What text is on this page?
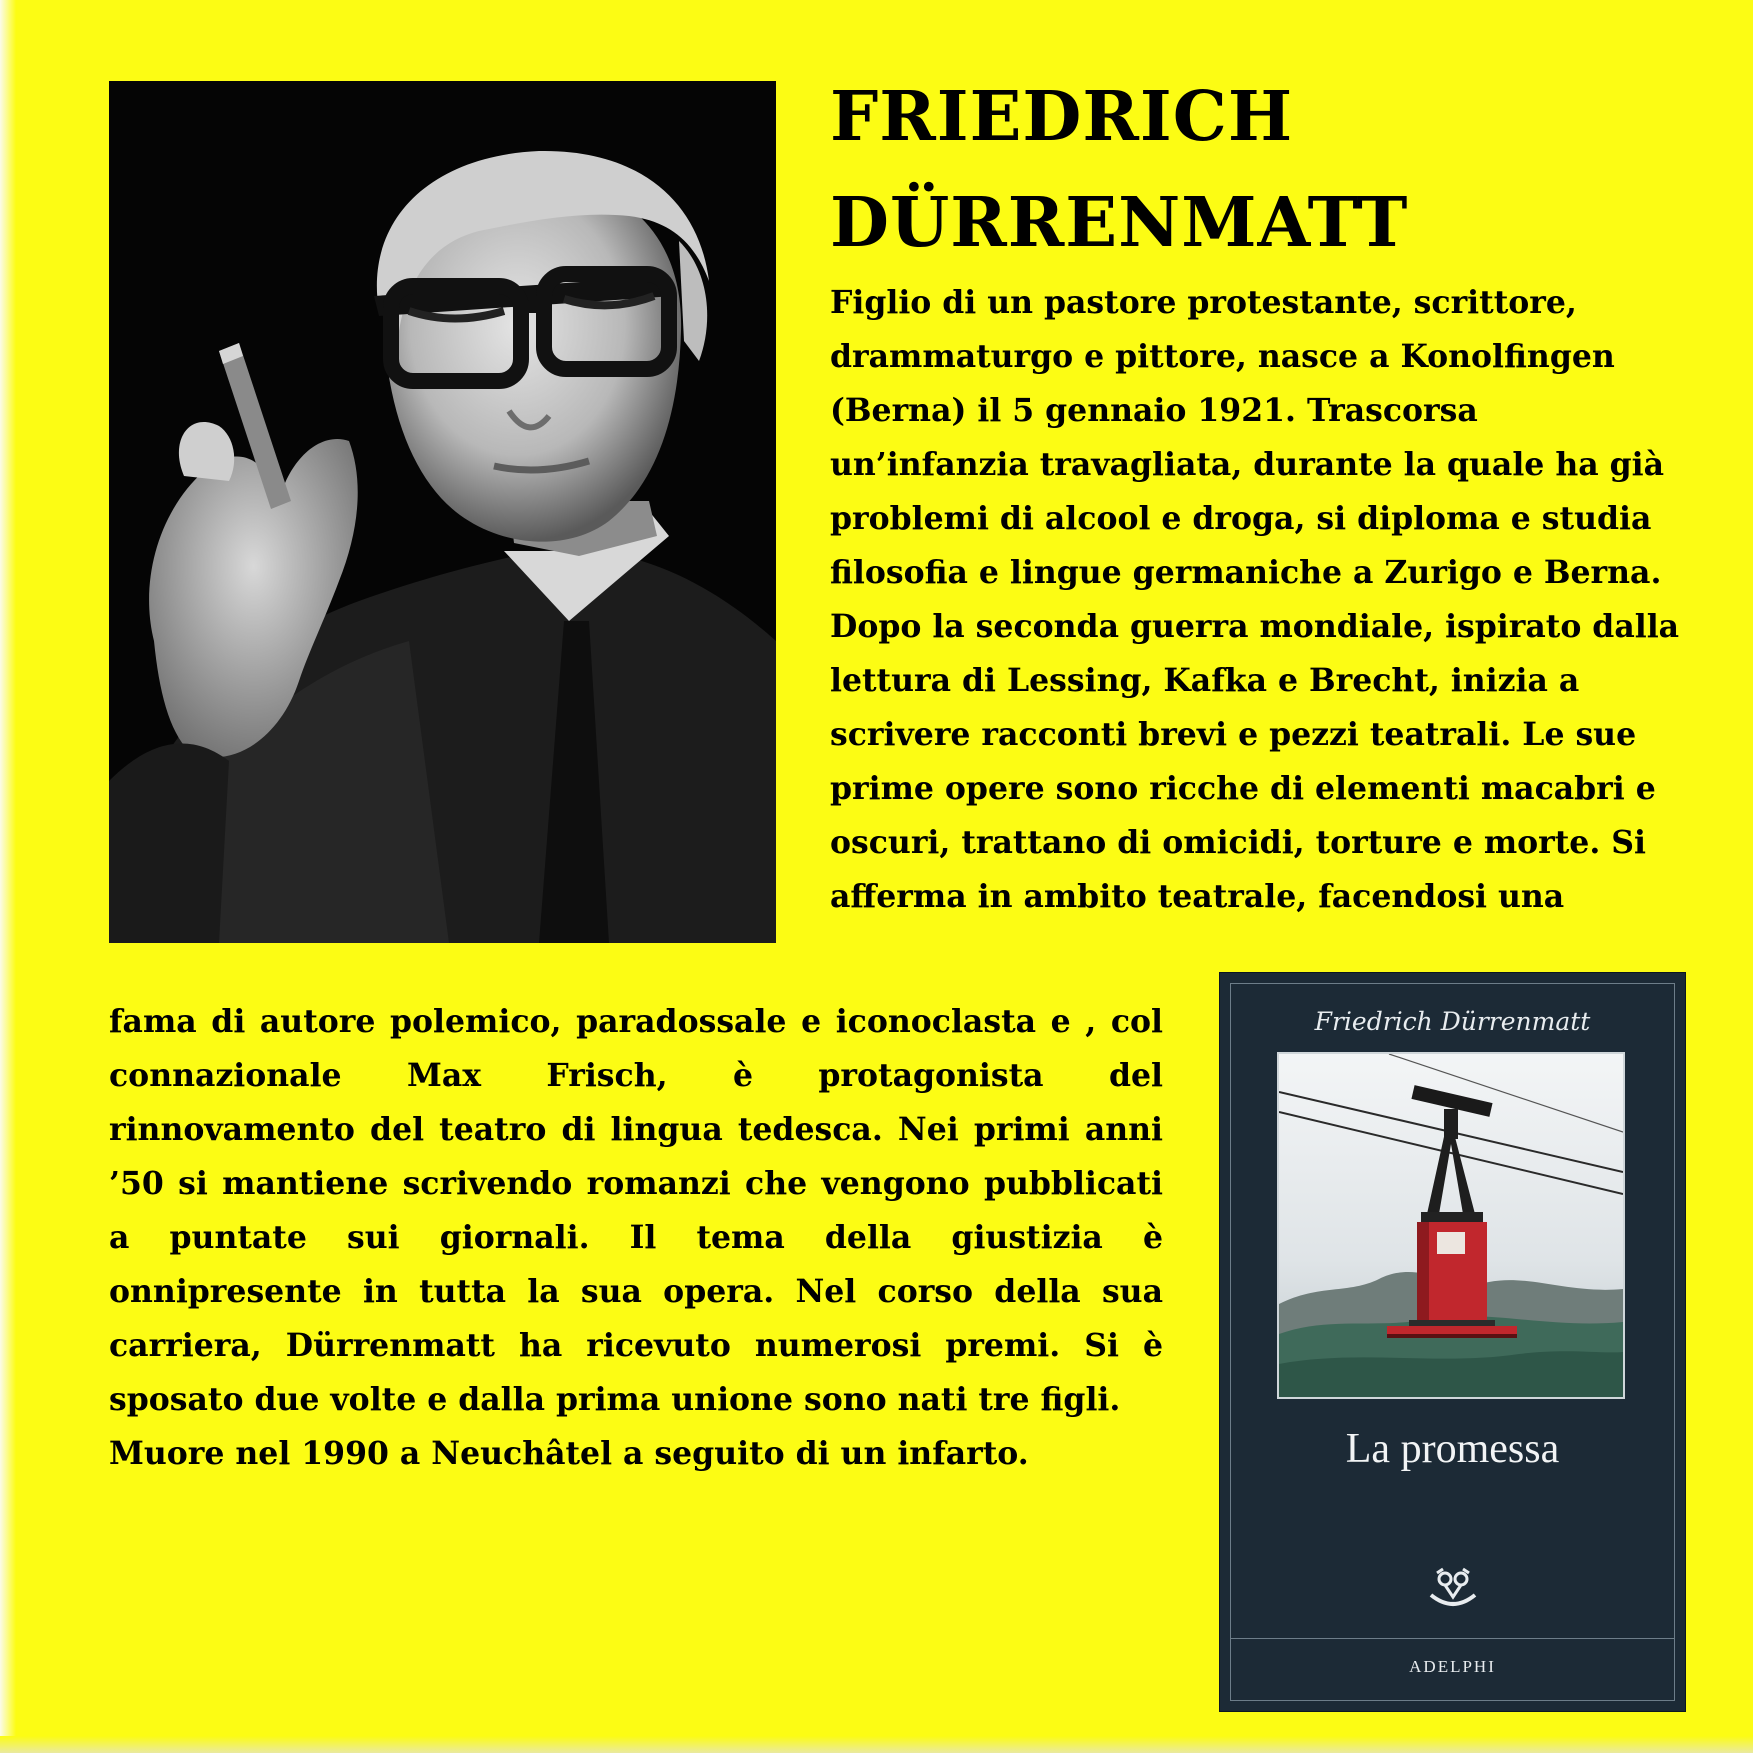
FRIEDRICH
DÜRRENMATT

Figlio di un pastore protestante, scrittore,
drammaturgo e pittore, nasce a Konolfingen
(Berna) il 5 gennaio 1921. Trascorsa
un’infanzia travagliata, durante la quale ha già
problemi di alcool e droga, si diploma e studia
filosofia e lingue germaniche a Zurigo e Berna.
Dopo la seconda guerra mondiale, ispirato dalla
lettura di Lessing, Kafka e Brecht, inizia a
scrivere racconti brevi e pezzi teatrali. Le sue
prime opere sono ricche di elementi macabri e
oscuri, trattano di omicidi, torture e morte. Si
afferma in ambito teatrale, facendosi una

fama di autore polemico, paradossale e iconoclasta e , col
connazionale Max Frisch, è protagonista del
rinnovamento del teatro di lingua tedesca. Nei primi anni
’50 si mantiene scrivendo romanzi che vengono pubblicati
a puntate sui giornali. Il tema della giustizia è
onnipresente in tutta la sua opera. Nel corso della sua
carriera, Dürrenmatt ha ricevuto numerosi premi. Si è
sposato due volte e dalla prima unione sono nati tre figli.
Muore nel 1990 a Neuchâtel a seguito di un infarto.

Friedrich Dürrenmatt
La promessa
ADELPHI
